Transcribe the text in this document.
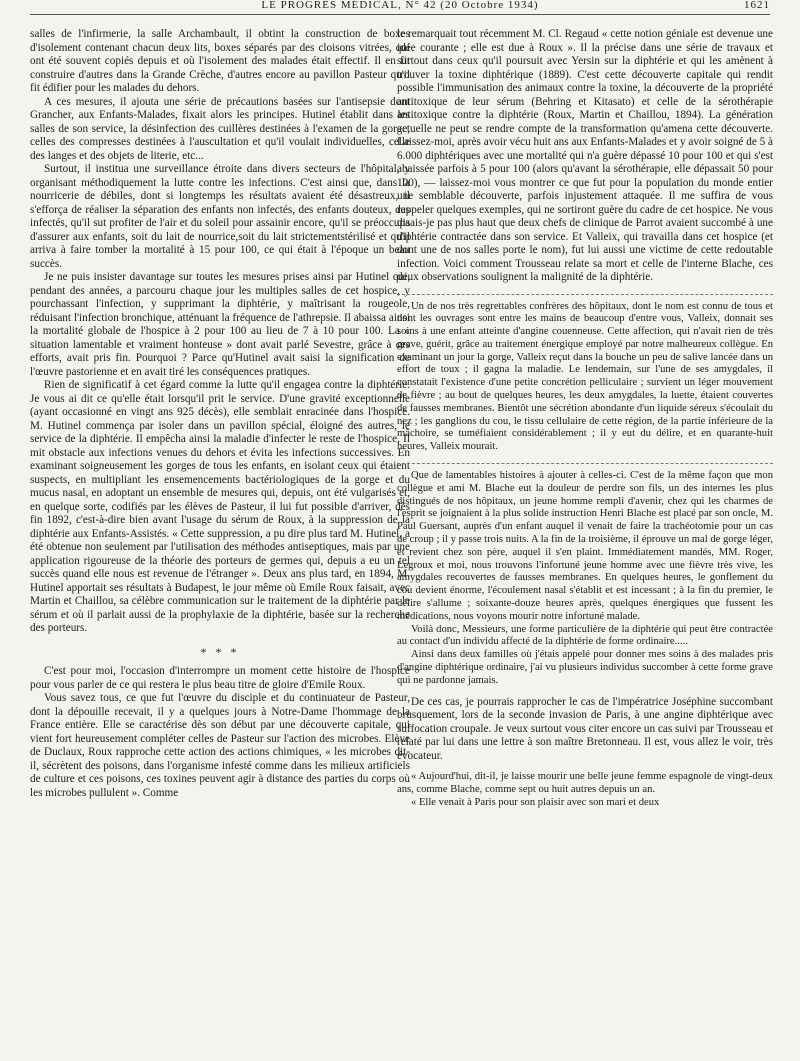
LE PROGRÈS MÉDICAL, N° 42 (20 Octobre 1934)	1621

salles de l'infirmerie, la salle Archambault, il obtint la construction de boxes d'isolement contenant chacun deux lits, boxes séparés par des cloisons vitrées, qui ont été souvent copiés depuis et où l'isolement des malades était effectif. Il en fit construire d'autres dans la Grande Crèche, d'autres encore au pavillon Pasteur qu'il fit édifier pour les malades du dehors.

A ces mesures, il ajouta une série de précautions basées sur l'antisepsie dont Grancher, aux Enfants-Malades, fixait alors les principes. Hutinel établit dans les salles de son service, la désinfection des cuillères destinées à l'examen de la gorge, celles des compresses destinées à l'auscultation et qu'il voulait individuelles, celle des langes et des objets de literie, etc...

Surtout, il institua une surveillance étroite dans divers secteurs de l'hôpital, y organisant méthodiquement la lutte contre les infections. C'est ainsi que, dans la nourricerie de débiles, dont si longtemps les résultats avaient été désastreux, il s'efforça de réaliser la séparation des enfants non infectés, des enfants douteux, des infectés, qu'il sut profiter de l'air et du soleil pour assainir encore, qu'il se préoccupa d'assurer aux enfants, soit du lait de nourrice,soit du lait strictementstérilisé et qu'il arriva à faire tomber la mortalité à 15 pour 100, ce qui était à l'époque un beau succès.

Je ne puis insister davantage sur toutes les mesures prises ainsi par Hutinel qui, pendant des années, a parcouru chaque jour les multiples salles de cet hospice, y pourchassant l'infection, y supprimant la diphtérie, y maîtrisant la rougeole, réduisant l'infection bronchique, atténuant la fréquence de l'athrepsie. Il abaissa ainsi la mortalité globale de l'hospice à 2 pour 100 au lieu de 7 à 10 pour 100. La « situation lamentable et vraiment honteuse » dont avait parlé Sevestre, grâce à ces efforts, avait pris fin. Pourquoi ? Parce qu'Hutinel avait saisi la signification de l'œuvre pastorienne et en avait tiré les conséquences pratiques.

Rien de significatif à cet égard comme la lutte qu'il engagea contre la diphtérie. Je vous ai dit ce qu'elle était lorsqu'il prit le service. D'une gravité exceptionnelle (ayant occasionné en vingt ans 925 décès), elle semblait enracinée dans l'hospice. M. Hutinel commença par isoler dans un pavillon spécial, éloigné des autres, le service de la diphtérie. Il empêcha ainsi la maladie d'infecter le reste de l'hospice. Il mit obstacle aux infections venues du dehors et évita les infections successives. En examinant soigneusement les gorges de tous les enfants, en isolant ceux qui étaient suspects, en multipliant les ensemencements bactériologiques de la gorge et du mucus nasal, en adoptant un ensemble de mesures qui, depuis, ont été vulgarisés et, en quelque sorte, codifiés par les élèves de Pasteur, il lui fut possible d'arriver, dès fin 1892, c'est-à-dire bien avant l'usage du sérum de Roux, à la suppression de la diphtérie aux Enfants-Assistés. « Cette suppression, a pu dire plus tard M. Hutinel, a été obtenue non seulement par l'utilisation des méthodes antiseptiques, mais par une application rigoureuse de la théorie des porteurs de germes qui, depuis a eu un tel succès quand elle nous est revenue de l'étranger ». Deux ans plus tard, en 1894, M. Hutinel apportait ses résultats à Budapest, le jour même où Emile Roux faisait, avec Martin et Chaillou, sa célèbre communication sur le traitement de la diphtérie par le sérum et où il parlait aussi de la prophylaxie de la diphtérie, basée sur la recherche des porteurs.

* * *

C'est pour moi, l'occasion d'interrompre un moment cette histoire de l'hospice pour vous parler de ce qui restera le plus beau titre de gloire d'Emile Roux.

Vous savez tous, ce que fut l'œuvre du disciple et du continuateur de Pasteur, dont la dépouille recevait, il y a quelques jours à Notre-Dame l'hommage de la France entière. Elle se caractérise dès son début par une découverte capitale, qui vient fort heureusement compléter celles de Pasteur sur l'action des microbes. Elève de Duclaux, Roux rapproche cette action des actions chimiques, « les microbes dit-il, sécrètent des poisons, dans l'organisme infesté comme dans les milieux artificiels de culture et ces poisons, ces toxines peuvent agir à distance des parties du corps où les microbes pullulent ». Comme

le remarquait tout récemment M. Cl. Regaud « cette notion géniale est devenue une idée courante ; elle est due à Roux ». Il la précise dans une série de travaux et surtout dans ceux qu'il poursuit avec Yersin sur la diphtérie et qui les amènent à trouver la toxine diphtérique (1889). C'est cette découverte capitale qui rendit possible l'immunisation des animaux contre la toxine, la découverte de la propriété antitoxique de leur sérum (Behring et Kitasato) et celle de la sérothérapie antitoxique contre la diphtérie (Roux, Martin et Chaillou, 1894). La génération actuelle ne peut se rendre compte de la transformation qu'amena cette découverte. Laissez-moi, après avoir vécu huit ans aux Enfants-Malades et y avoir soigné de 5 à 6.000 diphtériques avec une mortalité qui n'a guère dépassé 10 pour 100 et qui s'est abaissée parfois à 5 pour 100 (alors qu'avant la sérothérapie, elle dépassait 50 pour 100), — laissez-moi vous montrer ce que fut pour la population du monde entier une semblable découverte, parfois injustement attaquée. Il me suffira de vous rappeler quelques exemples, qui ne sortiront guère du cadre de cet hospice. Ne vous disais-je pas plus haut que deux chefs de clinique de Parrot avaient succombé à une diphtérie contractée dans son service. Et Valleix, qui travailla dans cet hospice (et dont une de nos salles porte le nom), fut lui aussi une victime de cette redoutable infection. Voici comment Trousseau relate sa mort et celle de l'interne Blache, ces deux observations soulignent la malignité de la diphtérie.

Un de nos très regrettables confrères des hôpitaux, dont le nom est connu de tous et dont les ouvrages sont entre les mains de beaucoup d'entre vous, Valleix, donnait ses soins à une enfant atteinte d'angine couenneuse. Cette affection, qui n'avait rien de très grave, guérit, grâce au traitement énergique employé par notre malheureux collègue. En examinant un jour la gorge, Valleix reçut dans la bouche un peu de salive lancée dans un effort de toux ; il gagna la maladie. Le lendemain, sur l'une de ses amygdales, il constatait l'existence d'une petite concrétion pelliculaire ; survient un léger mouvement de fièvre ; au bout de quelques heures, les deux amygdales, la luette, étaient couvertes de fausses membranes. Bientôt une sécrétion abondante d'un liquide séreux s'écoulait du nez ; les ganglions du cou, le tissu cellulaire de cette région, de la partie inférieure de la mâchoire, se tuméfiaient considérablement ; il y eut du délire, et en quarante-huit heures, Valleix mourait.

Que de lamentables histoires à ajouter à celles-ci. C'est de la même façon que mon collègue et ami M. Blache eut la douleur de perdre son fils, un des internes les plus distingués de nos hôpitaux, un jeune homme rempli d'avenir, chez qui les charmes de l'esprit se joignaient à la plus solide instruction Henri Blache est placé par son oncle, M. Paul Guersant, auprès d'un enfant auquel il venait de faire la trachéotomie pour un cas de croup ; il y passe trois nuits. A la fin de la troisième, il éprouve un mal de gorge léger, et revient chez son père, auquel il s'en plaint. Immédiatement mandés, MM. Roger, Legroux et moi, nous trouvons l'infortuné jeune homme avec une fièvre très vive, les amygdales recouvertes de fausses membranes. En quelques heures, le gonflement du cou devient énorme, l'écoulement nasal s'établit et est incessant ; à la fin du premier, le délire s'allume ; soixante-douze heures après, quelques énergiques que fussent les médications, nous voyons mourir notre infortuné malade.

Voilà donc, Messieurs, une forme particulière de la diphtérie qui peut être contractée au contact d'un individu affecté de la diphtérie de forme ordinaire.....

Ainsi dans deux familles où j'étais appelé pour donner mes soins à des malades pris d'angine diphtérique ordinaire, j'ai vu plusieurs individus succomber à cette forme grave qui ne pardonne jamais.

De ces cas, je pourrais rapprocher le cas de l'impératrice Joséphine succombant brusquement, lors de la seconde invasion de Paris, à une angine diphtérique avec suffocation croupale. Je veux surtout vous citer encore un cas suivi par Trousseau et relaté par lui dans une lettre à son maître Bretonneau. Il est, vous allez le voir, très évocateur.

« Aujourd'hui, dit-il, je laisse mourir une belle jeune femme espagnole de vingt-deux ans, comme Blache, comme sept ou huit autres depuis un an.

« Elle venait à Paris pour son plaisir avec son mari et deux
